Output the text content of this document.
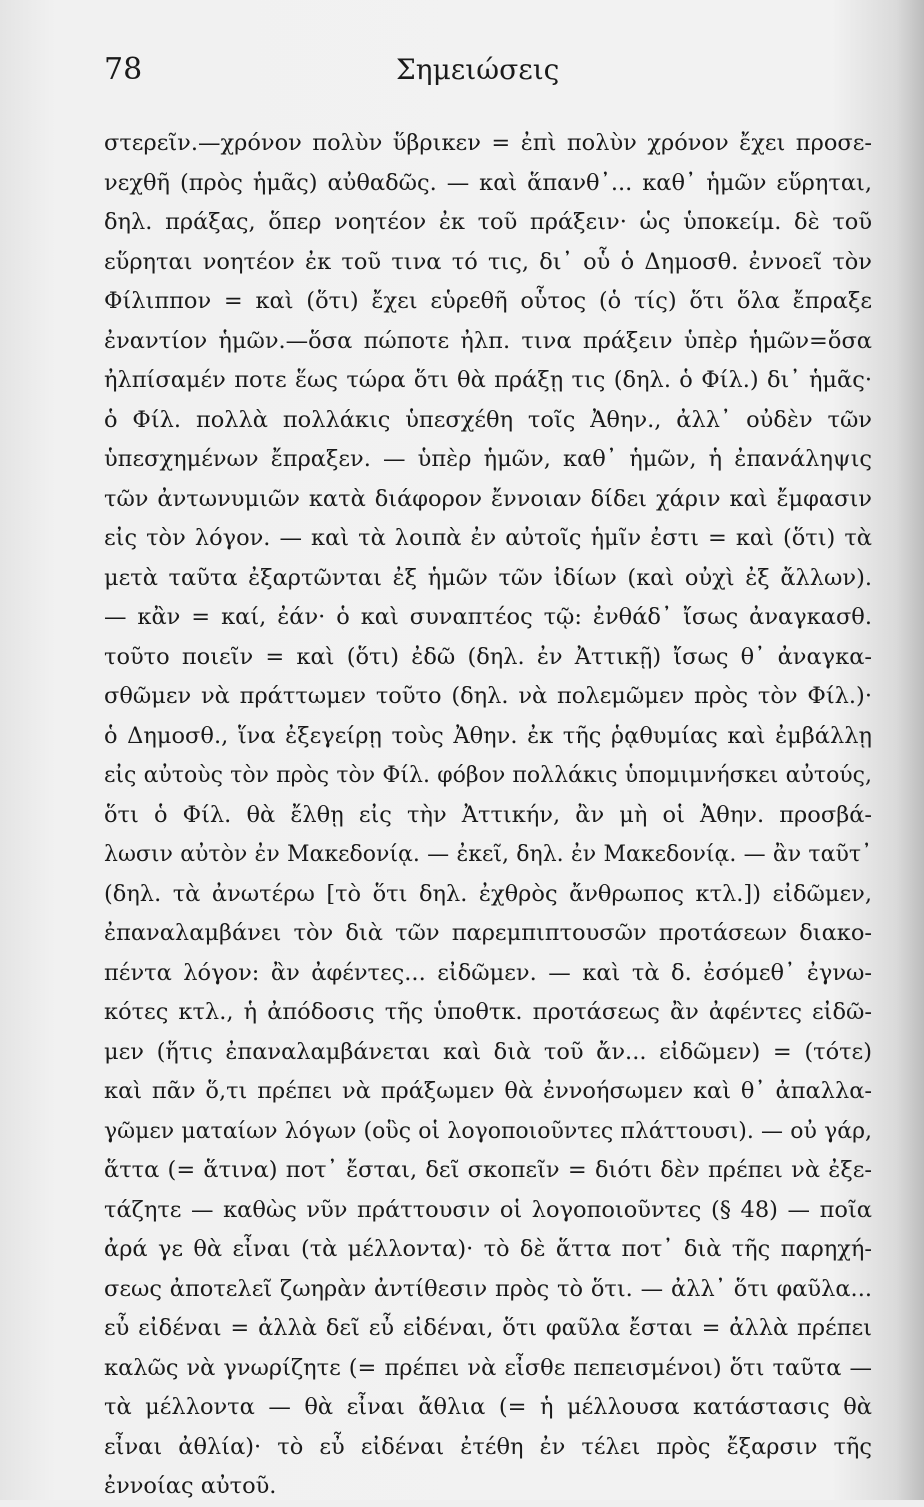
78	Σημειώσεις
στερεῖν.—χρόνον πολὺν ὕβρικεν = ἐπὶ πολὺν χρόνον ἔχει προσε-
νεχθῆ (πρὸς ἡμᾶς) αὐθαδῶς. — καὶ ἅπανθ᾽... καθ᾽ ἡμῶν εὕρηται,
δηλ. πράξας, ὅπερ νοητέον ἐκ τοῦ πράξειν· ὡς ὑποκείμ. δὲ τοῦ
εὕρηται νοητέον ἐκ τοῦ τινα τό τις, δι᾽ οὗ ὁ Δημοσθ. ἐννοεῖ τὸν
Φίλιππον = καὶ (ὅτι) ἔχει εὑρεθῆ οὗτος (ὁ τίς) ὅτι ὅλα ἔπραξε
ἐναντίον ἡμῶν.—ὅσα πώποτε ἠλπ. τινα πράξειν ὑπὲρ ἡμῶν=ὅσα
ἠλπίσαμέν ποτε ἕως τώρα ὅτι θὰ πράξῃ τις (δηλ. ὁ Φίλ.) δι᾽ ἡμᾶς·
ὁ Φίλ. πολλὰ πολλάκις ὑπεσχέθη τοῖς Ἀθην., ἀλλ᾽ οὐδὲν τῶν
ὑπεσχημένων ἔπραξεν. — ὑπὲρ ἡμῶν, καθ᾽ ἡμῶν, ἡ ἐπανάληψις
τῶν ἀντωνυμιῶν κατὰ διάφορον ἔννοιαν δίδει χάριν καὶ ἔμφασιν
εἰς τὸν λόγον. — καὶ τὰ λοιπὰ ἐν αὐτοῖς ἡμῖν ἐστι = καὶ (ὅτι) τὰ
μετὰ ταῦτα ἐξαρτῶνται ἐξ ἡμῶν τῶν ἰδίων (καὶ οὐχὶ ἐξ ἄλλων).
— κἂν = καί, ἐάν· ὁ καὶ συναπτέος τῷ: ἐνθάδ᾽ ἴσως ἀναγκασθ.
τοῦτο ποιεῖν = καὶ (ὅτι) ἐδῶ (δηλ. ἐν Ἀττικῇ) ἴσως θ᾽ ἀναγκα-
σθῶμεν νὰ πράττωμεν τοῦτο (δηλ. νὰ πολεμῶμεν πρὸς τὸν Φίλ.)·
ὁ Δημοσθ., ἵνα ἐξεγείρῃ τοὺς Ἀθην. ἐκ τῆς ῥᾳθυμίας καὶ ἐμβάλλῃ
εἰς αὐτοὺς τὸν πρὸς τὸν Φίλ. φόβον πολλάκις ὑπομιμνήσκει αὐτούς,
ὅτι ὁ Φίλ. θὰ ἔλθῃ εἰς τὴν Ἀττικήν, ἂν μὴ οἱ Ἀθην. προσβά-
λωσιν αὐτὸν ἐν Μακεδονίᾳ. — ἐκεῖ, δηλ. ἐν Μακεδονίᾳ. — ἂν ταῦτ᾽
(δηλ. τὰ ἀνωτέρω [τὸ ὅτι δηλ. ἐχθρὸς ἄνθρωπος κτλ.]) εἰδῶμεν,
ἐπαναλαμβάνει τὸν διὰ τῶν παρεμπιπτουσῶν προτάσεων διακο-
πέντα λόγον: ἂν ἀφέντες... εἰδῶμεν. — καὶ τὰ δ. ἐσόμεθ᾽ ἐγνω-
κότες κτλ., ἡ ἀπόδοσις τῆς ὑποθτκ. προτάσεως ἂν ἀφέντες εἰδῶ-
μεν (ἥτις ἐπαναλαμβάνεται καὶ διὰ τοῦ ἄν... εἰδῶμεν) = (τότε)
καὶ πᾶν ὅ,τι πρέπει νὰ πράξωμεν θὰ ἐννοήσωμεν καὶ θ᾽ ἀπαλλα-
γῶμεν ματαίων λόγων (οὓς οἱ λογοποιοῦντες πλάττουσι). — οὐ γάρ,
ἅττα (= ἅτινα) ποτ᾽ ἔσται, δεῖ σκοπεῖν = διότι δὲν πρέπει νὰ ἐξε-
τάζητε — καθὼς νῦν πράττουσιν οἱ λογοποιοῦντες (§ 48) — ποῖα
ἀρά γε θὰ εἶναι (τὰ μέλλοντα)· τὸ δὲ ἅττα ποτ᾽ διὰ τῆς παρηχή-
σεως ἀποτελεῖ ζωηρὰν ἀντίθεσιν πρὸς τὸ ὅτι. — ἀλλ᾽ ὅτι φαῦλα...
εὖ εἰδέναι = ἀλλὰ δεῖ εὖ εἰδέναι, ὅτι φαῦλα ἔσται = ἀλλὰ πρέπει
καλῶς νὰ γνωρίζητε (= πρέπει νὰ εἶσθε πεπεισμένοι) ὅτι ταῦτα —
τὰ μέλλοντα — θὰ εἶναι ἄθλια (= ἡ μέλλουσα κατάστασις θὰ
εἶναι ἀθλία)· τὸ εὖ εἰδέναι ἐτέθη ἐν τέλει πρὸς ἔξαρσιν τῆς
ἐννοίας αὐτοῦ.
